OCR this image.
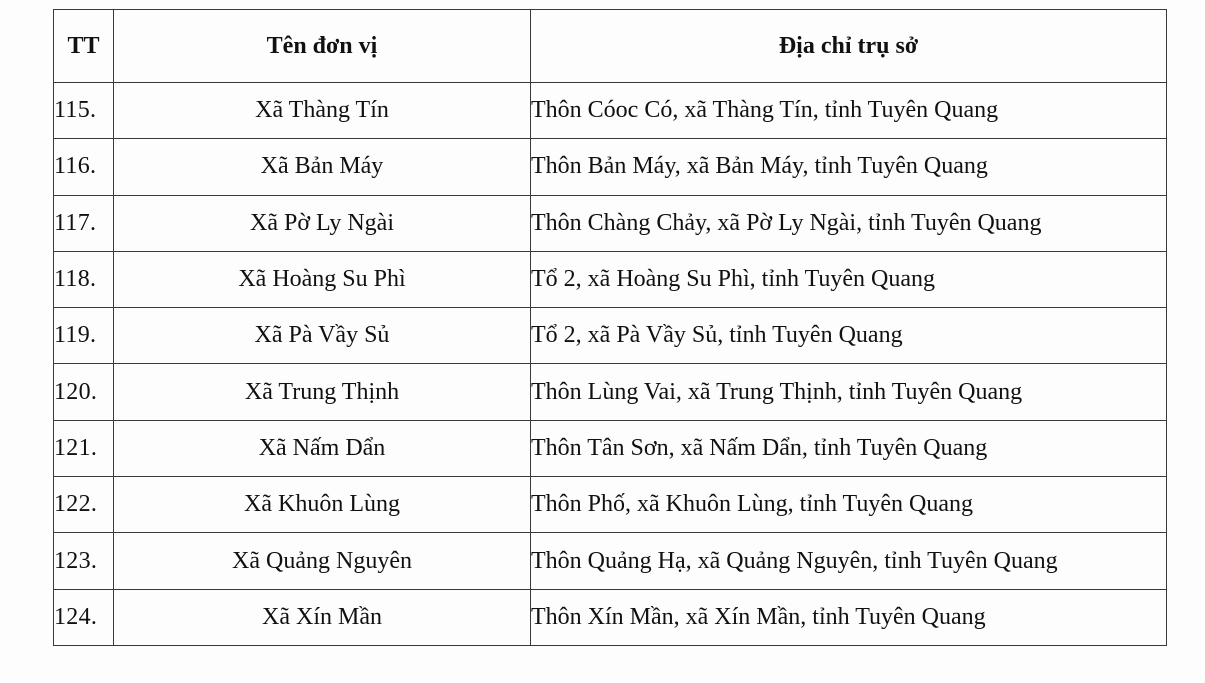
TT	Tên đơn vị	Địa chỉ trụ sở
115.	Xã Thàng Tín	Thôn Cóoc Có, xã Thàng Tín, tỉnh Tuyên Quang
116.	Xã Bản Máy	Thôn Bản Máy, xã Bản Máy, tỉnh Tuyên Quang
117.	Xã Pờ Ly Ngài	Thôn Chàng Chảy, xã Pờ Ly Ngài, tỉnh Tuyên Quang
118.	Xã Hoàng Su Phì	Tổ 2, xã Hoàng Su Phì, tỉnh Tuyên Quang
119.	Xã Pà Vầy Sủ	Tổ 2, xã Pà Vầy Sủ, tỉnh Tuyên Quang
120.	Xã Trung Thịnh	Thôn Lùng Vai, xã Trung Thịnh, tỉnh Tuyên Quang
121.	Xã Nấm Dẩn	Thôn Tân Sơn, xã Nấm Dẩn, tỉnh Tuyên Quang
122.	Xã Khuôn Lùng	Thôn Phố, xã Khuôn Lùng, tỉnh Tuyên Quang
123.	Xã Quảng Nguyên	Thôn Quảng Hạ, xã Quảng Nguyên, tỉnh Tuyên Quang
124.	Xã Xín Mần	Thôn Xín Mần, xã Xín Mần, tỉnh Tuyên Quang
